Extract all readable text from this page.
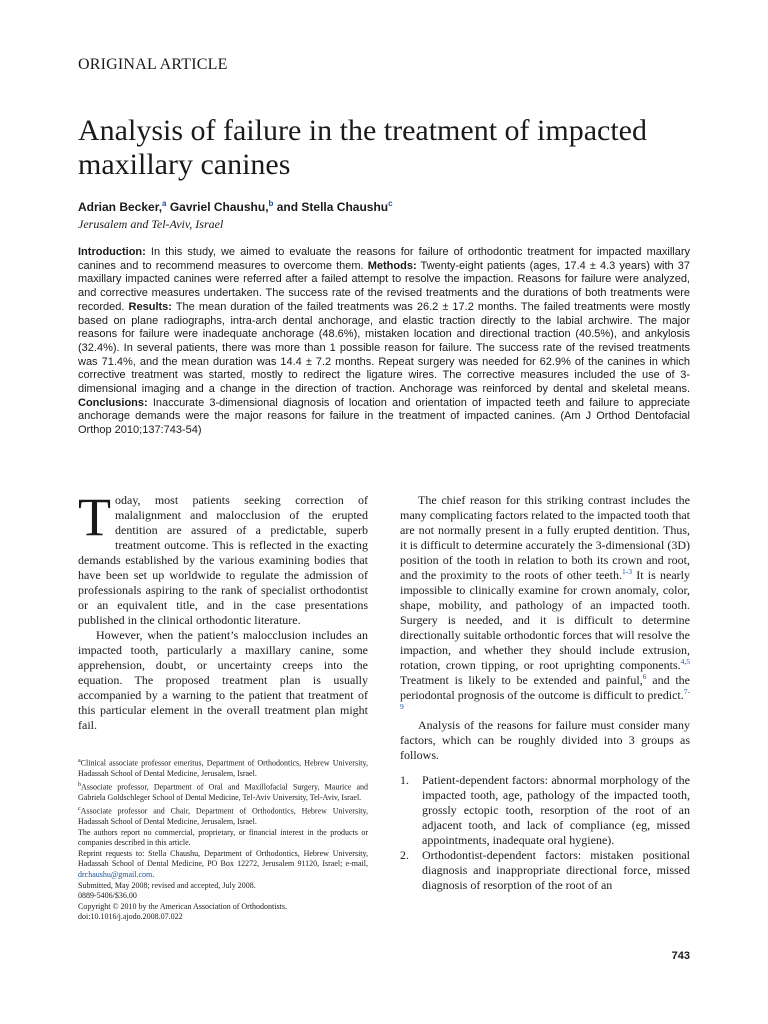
ORIGINAL ARTICLE
Analysis of failure in the treatment of impacted maxillary canines
Adrian Becker,$^a$ Gavriel Chaushu,$^b$ and Stella Chaushu$^c$
Jerusalem and Tel-Aviv, Israel
Introduction: In this study, we aimed to evaluate the reasons for failure of orthodontic treatment for impacted maxillary canines and to recommend measures to overcome them. Methods: Twenty-eight patients (ages, 17.4 ± 4.3 years) with 37 maxillary impacted canines were referred after a failed attempt to resolve the impaction. Reasons for failure were analyzed, and corrective measures undertaken. The success rate of the revised treatments and the durations of both treatments were recorded. Results: The mean duration of the failed treatments was 26.2 ± 17.2 months. The failed treatments were mostly based on plane radiographs, intra-arch dental anchorage, and elastic traction directly to the labial archwire. The major reasons for failure were inadequate anchorage (48.6%), mistaken location and directional traction (40.5%), and ankylosis (32.4%). In several patients, there was more than 1 possible reason for failure. The success rate of the revised treatments was 71.4%, and the mean duration was 14.4 ± 7.2 months. Repeat surgery was needed for 62.9% of the canines in which corrective treatment was started, mostly to redirect the ligature wires. The corrective measures included the use of 3-dimensional imaging and a change in the direction of traction. Anchorage was reinforced by dental and skeletal means. Conclusions: Inaccurate 3-dimensional diagnosis of location and orientation of impacted teeth and failure to appreciate anchorage demands were the major reasons for failure in the treatment of impacted canines. (Am J Orthod Dentofacial Orthop 2010;137:743-54)

Today, most patients seeking correction of malalignment and malocclusion of the erupted dentition are assured of a predictable, superb treatment outcome. This is reflected in the exacting demands established by the various examining bodies that have been set up worldwide to regulate the admission of professionals aspiring to the rank of specialist orthodontist or an equivalent title, and in the case presentations published in the clinical orthodontic literature.

However, when the patient’s malocclusion includes an impacted tooth, particularly a maxillary canine, some apprehension, doubt, or uncertainty creeps into the equation. The proposed treatment plan is usually accompanied by a warning to the patient that treatment of this particular element in the overall treatment plan might fail.

$^a$Clinical associate professor emeritus, Department of Orthodontics, Hebrew University, Hadassah School of Dental Medicine, Jerusalem, Israel.

$^b$Associate professor, Department of Oral and Maxillofacial Surgery, Maurice and Gabriela Goldschleger School of Dental Medicine, Tel-Aviv University, Tel-Aviv, Israel.

$^c$Associate professor and Chair, Department of Orthodontics, Hebrew University, Hadassah School of Dental Medicine, Jerusalem, Israel.

The authors report no commercial, proprietary, or financial interest in the products or companies described in this article.

Reprint requests to: Stella Chaushu, Department of Orthodontics, Hebrew University, Hadassah School of Dental Medicine, PO Box 12272, Jerusalem 91120, Israel; e-mail, drchaushu@gmail.com.

Submitted, May 2008; revised and accepted, July 2008.

0889-5406/$36.00

Copyright © 2010 by the American Association of Orthodontists.

doi:10.1016/j.ajodo.2008.07.022

The chief reason for this striking contrast includes the many complicating factors related to the impacted tooth that are not normally present in a fully erupted dentition. Thus, it is difficult to determine accurately the 3-dimensional (3D) position of the tooth in relation to both its crown and root, and the proximity to the roots of other teeth.$^{1-3}$ It is nearly impossible to clinically examine for crown anomaly, color, shape, mobility, and pathology of an impacted tooth. Surgery is needed, and it is difficult to determine directionally suitable orthodontic forces that will resolve the impaction, and whether they should include extrusion, rotation, crown tipping, or root uprighting components.$^{4,5}$ Treatment is likely to be extended and painful,$^6$ and the periodontal prognosis of the outcome is difficult to predict.$^{7-9}$

Analysis of the reasons for failure must consider many factors, which can be roughly divided into 3 groups as follows.

1. Patient-dependent factors: abnormal morphology of the impacted tooth, age, pathology of the impacted tooth, grossly ectopic tooth, resorption of the root of an adjacent tooth, and lack of compliance (eg, missed appointments, inadequate oral hygiene).
2. Orthodontist-dependent factors: mistaken positional diagnosis and inappropriate directional force, missed diagnosis of resorption of the root of an
743
